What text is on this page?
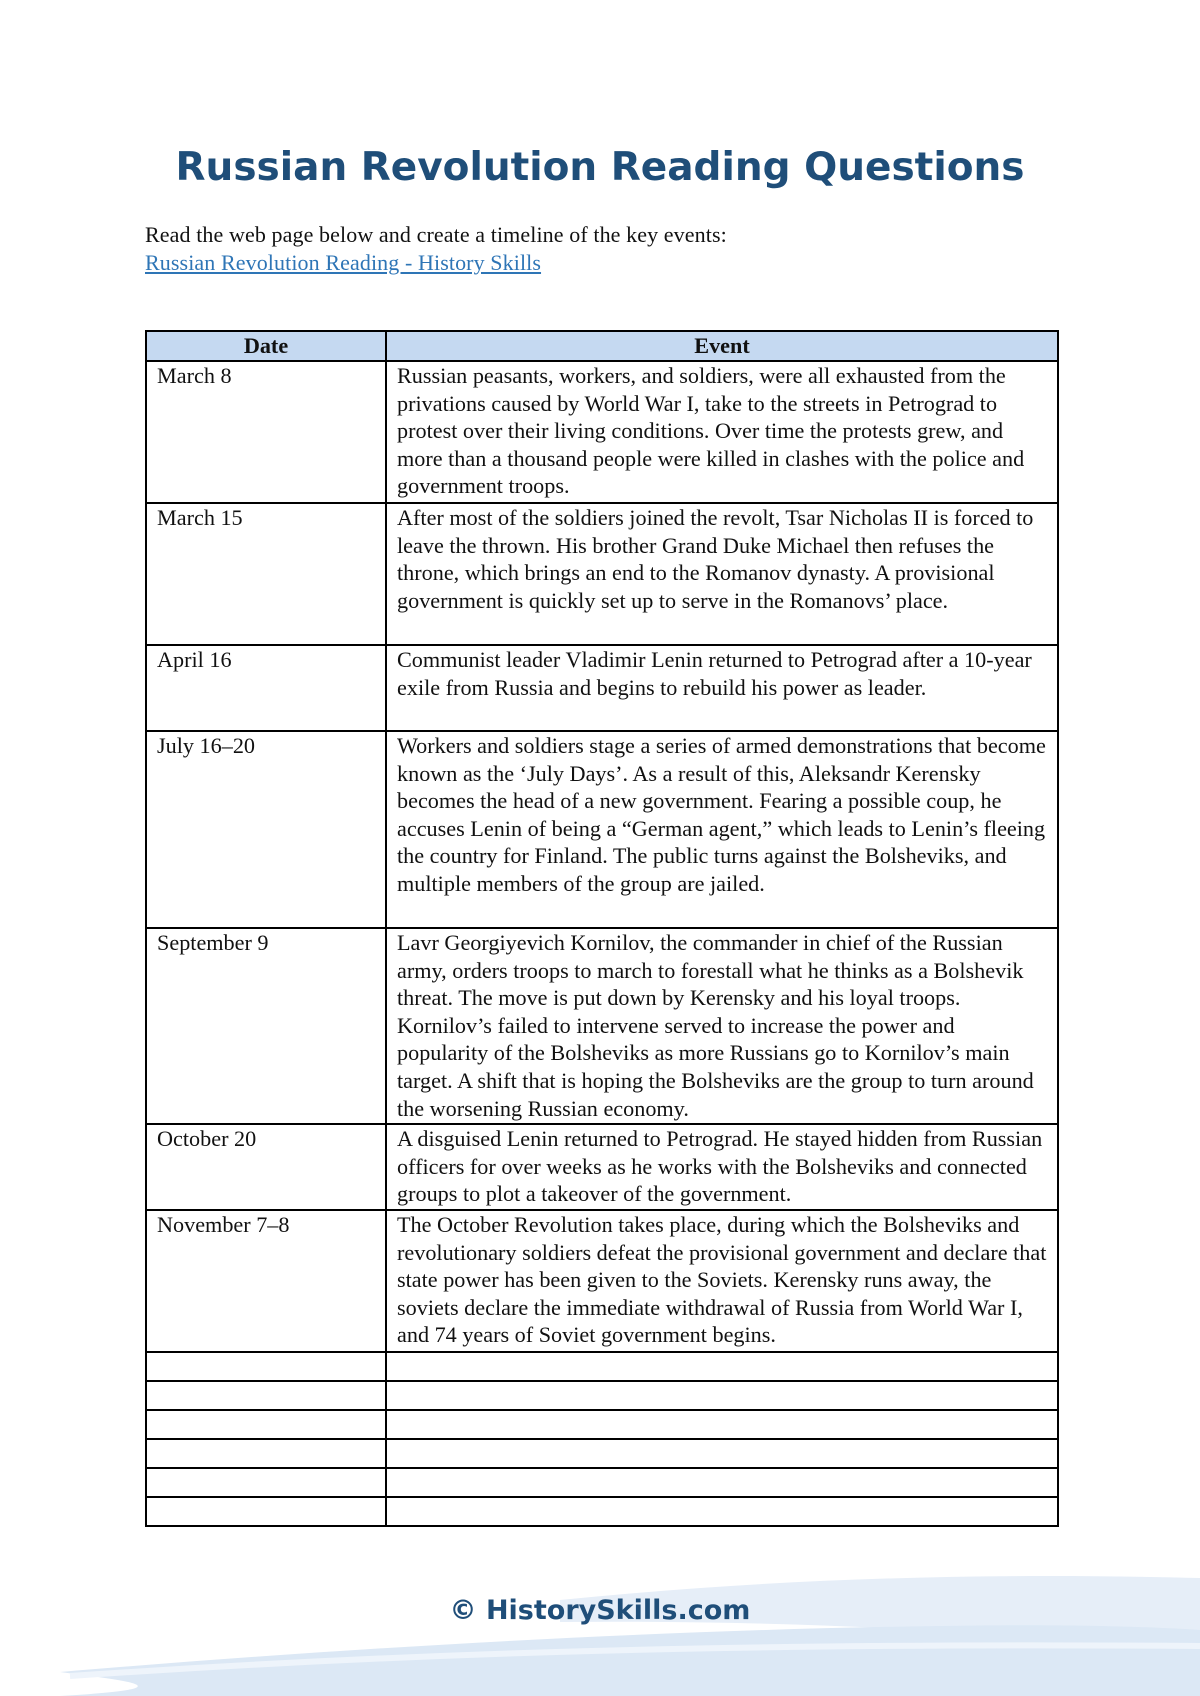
Russian Revolution Reading Questions
Read the web page below and create a timeline of the key events:
Russian Revolution Reading - History Skills
Date	Event
March 8	Russian peasants, workers, and soldiers, were all exhausted from the privations caused by World War I, take to the streets in Petrograd to protest over their living conditions. Over time the protests grew, and more than a thousand people were killed in clashes with the police and government troops.
March 15	After most of the soldiers joined the revolt, Tsar Nicholas II is forced to leave the thrown. His brother Grand Duke Michael then refuses the throne, which brings an end to the Romanov dynasty. A provisional government is quickly set up to serve in the Romanovs’ place.
April 16	Communist leader Vladimir Lenin returned to Petrograd after a 10-year exile from Russia and begins to rebuild his power as leader.
July 16–20	Workers and soldiers stage a series of armed demonstrations that become known as the ‘July Days’. As a result of this, Aleksandr Kerensky becomes the head of a new government. Fearing a possible coup, he accuses Lenin of being a “German agent,” which leads to Lenin’s fleeing the country for Finland. The public turns against the Bolsheviks, and multiple members of the group are jailed.
September 9	Lavr Georgiyevich Kornilov, the commander in chief of the Russian army, orders troops to march to forestall what he thinks as a Bolshevik threat. The move is put down by Kerensky and his loyal troops. Kornilov’s failed to intervene served to increase the power and popularity of the Bolsheviks as more Russians go to Kornilov’s main target. A shift that is hoping the Bolsheviks are the group to turn around the worsening Russian economy.
October 20	A disguised Lenin returned to Petrograd. He stayed hidden from Russian officers for over weeks as he works with the Bolsheviks and connected groups to plot a takeover of the government.
November 7–8	The October Revolution takes place, during which the Bolsheviks and revolutionary soldiers defeat the provisional government and declare that state power has been given to the Soviets. Kerensky runs away, the soviets declare the immediate withdrawal of Russia from World War I, and 74 years of Soviet government begins.

© HistorySkills.com
